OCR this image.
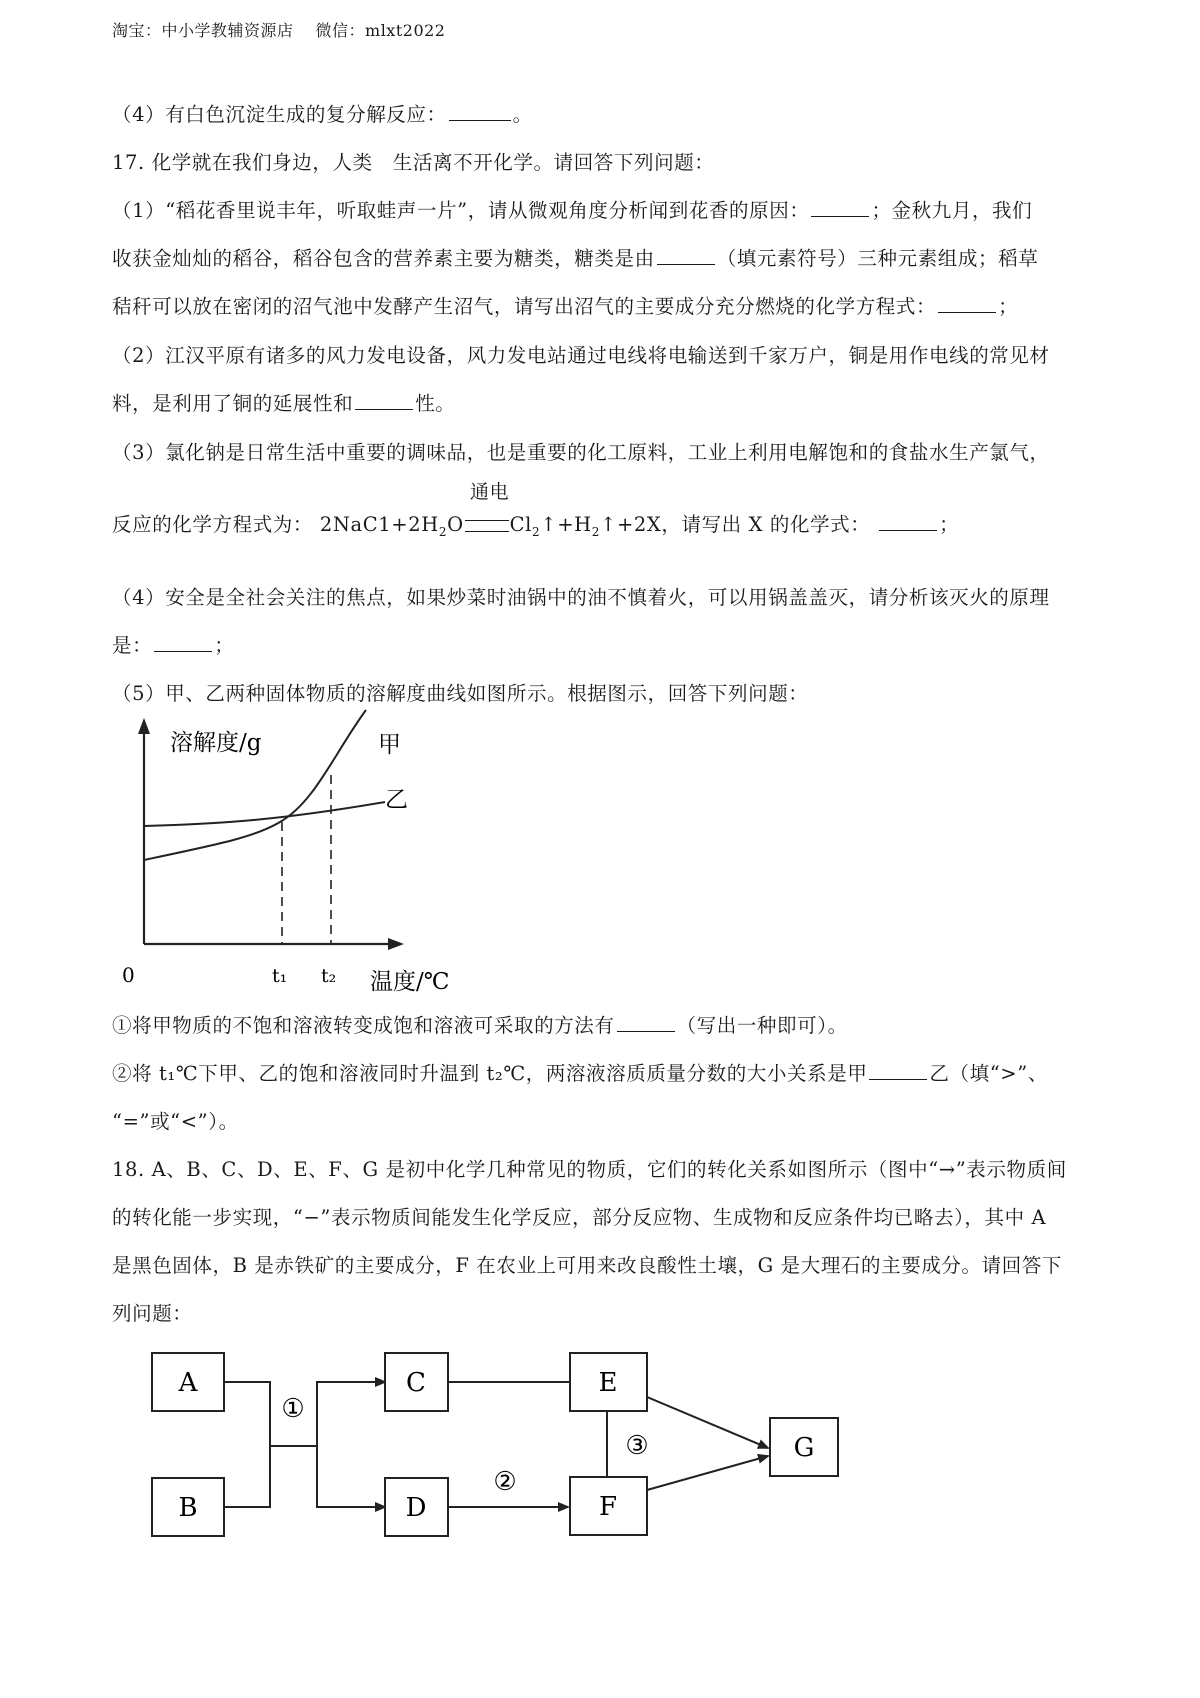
淘宝：中小学教辅资源店 微信：mlxt2022
（4）有白色沉淀生成的复分解反应：	。
17. 化学就在我们身边，人类　生活离不开化学。请回答下列问题：
（1）“稻花香里说丰年，听取蛙声一片”，请从微观角度分析闻到花香的原因：	；金秋九月，我们
收获金灿灿的稻谷，稻谷包含的营养素主要为糖类，糖类是由	（填元素符号）三种元素组成；稻草
秸秆可以放在密闭的沼气池中发酵产生沼气，请写出沼气的主要成分充分燃烧的化学方程式：	；
（2）江汉平原有诸多的风力发电设备，风力发电站通过电线将电输送到千家万户，铜是用作电线的常见材
料，是利用了铜的延展性和	性。
（3）氯化钠是日常生活中重要的调味品，也是重要的化工原料，工业上利用电解饱和的食盐水生产氯气，
反应的化学方程式为： $2NaC1+2H_2O$
通电
$Cl_2↑+H_2↑+2X$，请写出 X 的化学式：	；
（4）安全是全社会关注的焦点，如果炒菜时油锅中的油不慎着火，可以用锅盖盖灭，请分析该灭火的原理
是：	；
（5）甲、乙两种固体物质的溶解度曲线如图所示。根据图示，回答下列问题：
溶解度/g	甲
乙
0	t₁ t₂ 温度/℃
①将甲物质的不饱和溶液转变成饱和溶液可采取的方法有	（写出一种即可）。
②将 t₁℃下甲、乙的饱和溶液同时升温到 t₂℃，两溶液溶质质量分数的大小关系是甲	乙（填“>”、
“=”或“<”）。
18. A、B、C、D、E、F、G 是初中化学几种常见的物质，它们的转化关系如图所示（图中“→”表示物质间
的转化能一步实现，“−”表示物质间能发生化学反应，部分反应物、生成物和反应条件均已略去），其中 A
是黑色固体，B 是赤铁矿的主要成分，F 在农业上可用来改良酸性土壤，G 是大理石的主要成分。请回答下
列问题：
A
B
C
D
E
F
G
①
②
③
